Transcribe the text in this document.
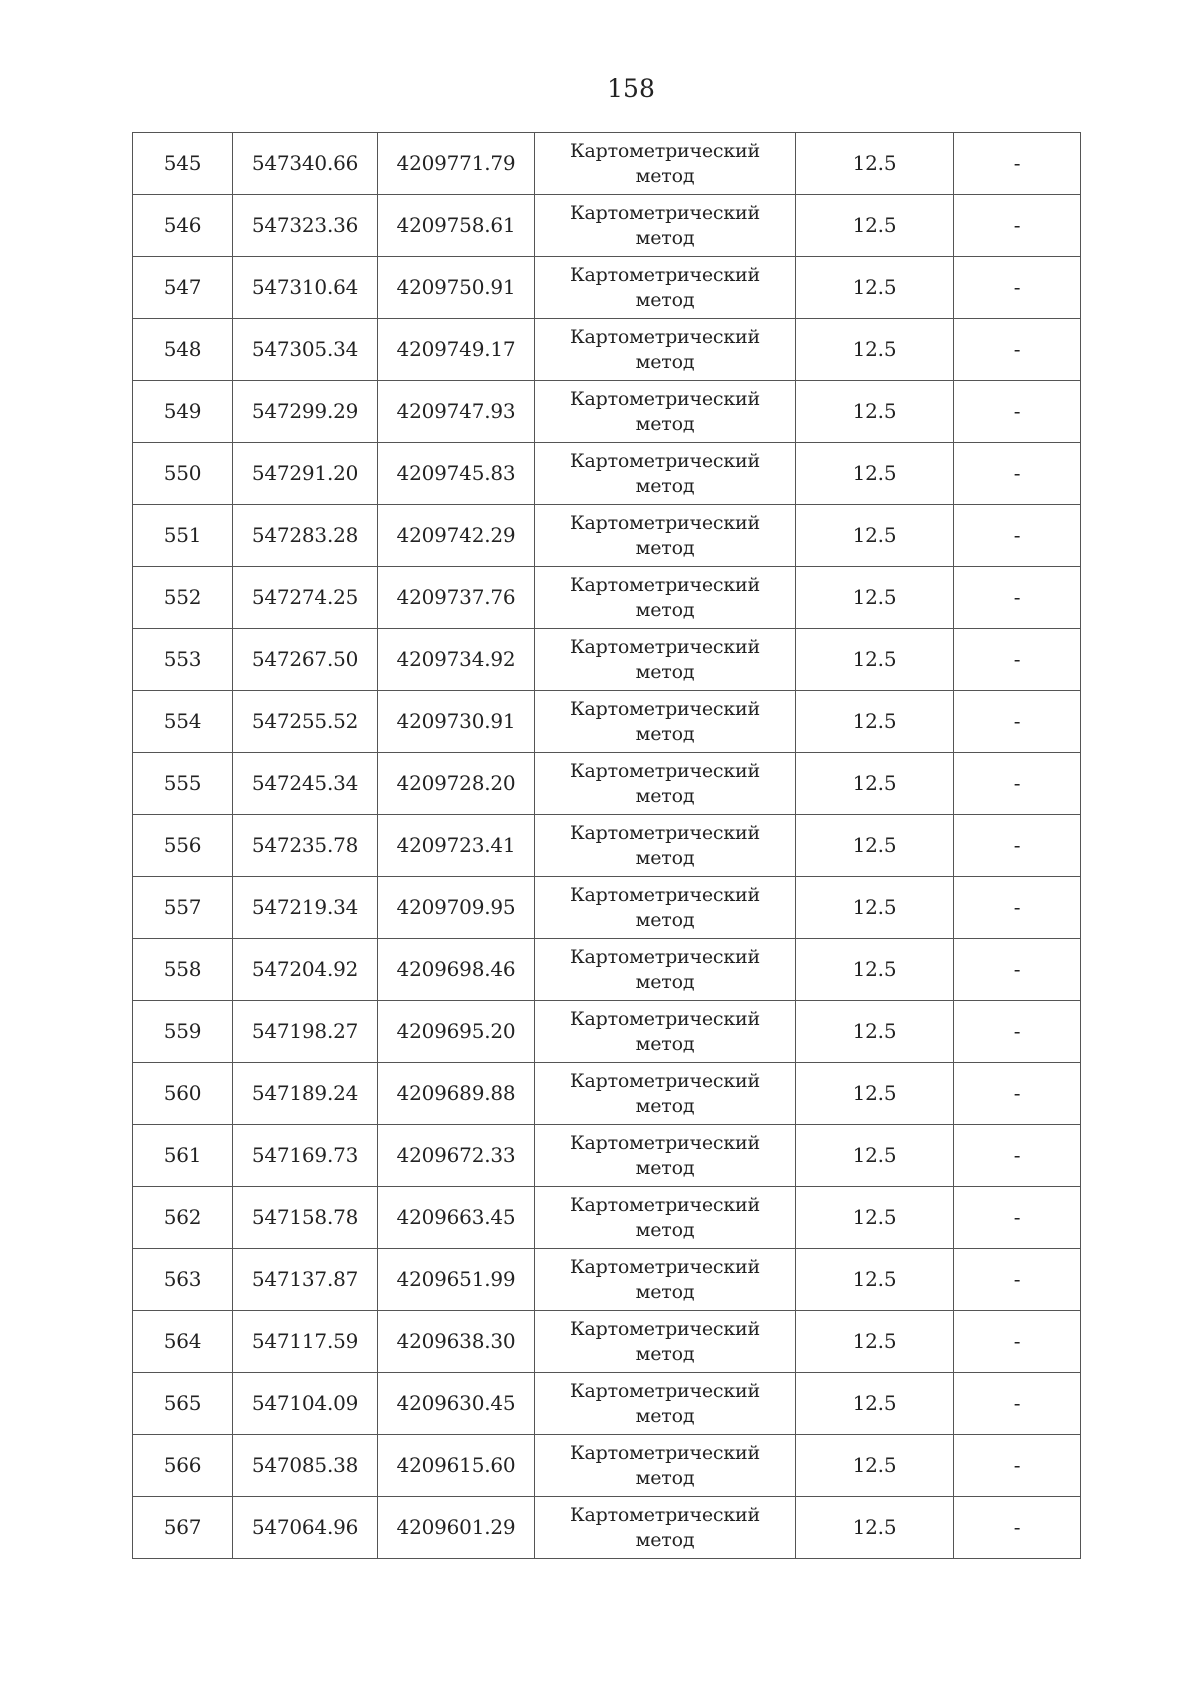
158
545	547340.66	4209771.79	Картометрический
метод	12.5	-
546	547323.36	4209758.61	Картометрический
метод	12.5	-
547	547310.64	4209750.91	Картометрический
метод	12.5	-
548	547305.34	4209749.17	Картометрический
метод	12.5	-
549	547299.29	4209747.93	Картометрический
метод	12.5	-
550	547291.20	4209745.83	Картометрический
метод	12.5	-
551	547283.28	4209742.29	Картометрический
метод	12.5	-
552	547274.25	4209737.76	Картометрический
метод	12.5	-
553	547267.50	4209734.92	Картометрический
метод	12.5	-
554	547255.52	4209730.91	Картометрический
метод	12.5	-
555	547245.34	4209728.20	Картометрический
метод	12.5	-
556	547235.78	4209723.41	Картометрический
метод	12.5	-
557	547219.34	4209709.95	Картометрический
метод	12.5	-
558	547204.92	4209698.46	Картометрический
метод	12.5	-
559	547198.27	4209695.20	Картометрический
метод	12.5	-
560	547189.24	4209689.88	Картометрический
метод	12.5	-
561	547169.73	4209672.33	Картометрический
метод	12.5	-
562	547158.78	4209663.45	Картометрический
метод	12.5	-
563	547137.87	4209651.99	Картометрический
метод	12.5	-
564	547117.59	4209638.30	Картометрический
метод	12.5	-
565	547104.09	4209630.45	Картометрический
метод	12.5	-
566	547085.38	4209615.60	Картометрический
метод	12.5	-
567	547064.96	4209601.29	Картометрический
метод	12.5	-
